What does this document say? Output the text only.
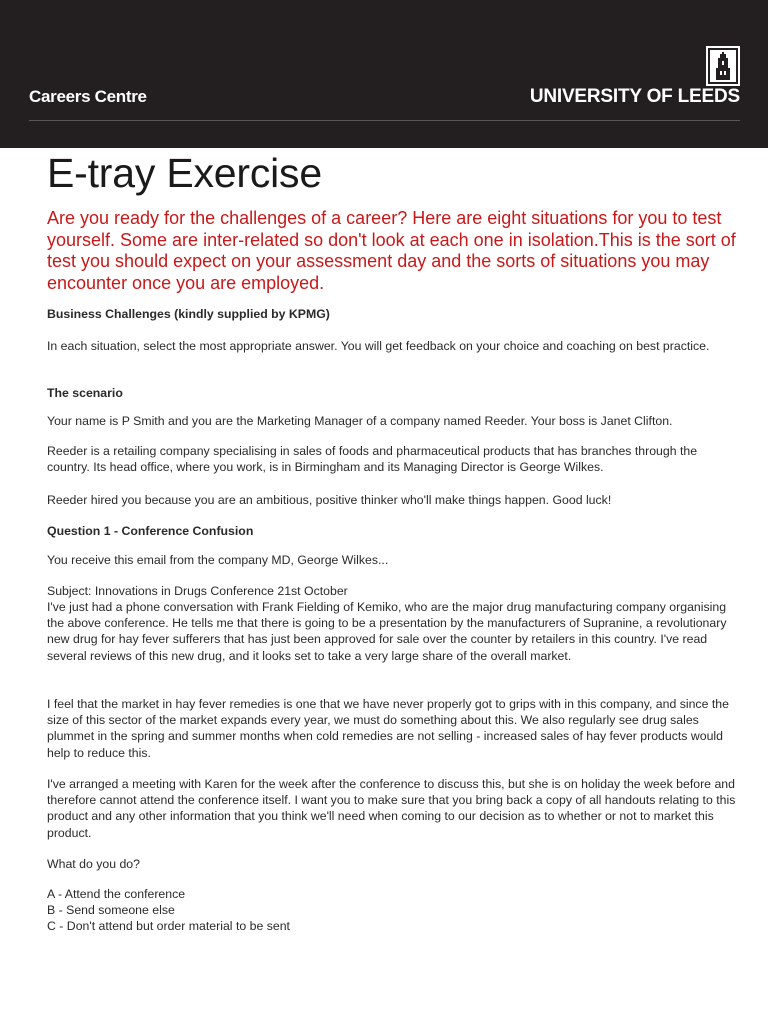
Careers Centre	UNIVERSITY OF LEEDS
E-tray Exercise

Are you ready for the challenges of a career? Here are eight situations for you to test yourself. Some are inter-related so don't look at each one in isolation.This is the sort of test you should expect on your assessment day and the sorts of situations you may encounter once you are employed.

Business Challenges (kindly supplied by KPMG)

In each situation, select the most appropriate answer. You will get feedback on your choice and coaching on best practice.

The scenario

Your name is P Smith and you are the Marketing Manager of a company named Reeder. Your boss is Janet Clifton.

Reeder is a retailing company specialising in sales of foods and pharmaceutical products that has branches through the country. Its head office, where you work, is in Birmingham and its Managing Director is George Wilkes.

Reeder hired you because you are an ambitious, positive thinker who'll make things happen. Good luck!

Question 1 - Conference Confusion

You receive this email from the company MD, George Wilkes...

Subject: Innovations in Drugs Conference 21st October

I've just had a phone conversation with Frank Fielding of Kemiko, who are the major drug manufacturing company organising the above conference. He tells me that there is going to be a presentation by the manufacturers of Supranine, a revolutionary new drug for hay fever sufferers that has just been approved for sale over the counter by retailers in this country. I've read several reviews of this new drug, and it looks set to take a very large share of the overall market.

I feel that the market in hay fever remedies is one that we have never properly got to grips with in this company, and since the size of this sector of the market expands every year, we must do something about this. We also regularly see drug sales plummet in the spring and summer months when cold remedies are not selling - increased sales of hay fever products would help to reduce this.

I've arranged a meeting with Karen for the week after the conference to discuss this, but she is on holiday the week before and therefore cannot attend the conference itself. I want you to make sure that you bring back a copy of all handouts relating to this product and any other information that you think we'll need when coming to our decision as to whether or not to market this product.

What do you do?

A - Attend the conference

B - Send someone else

C - Don't attend but order material to be sent
